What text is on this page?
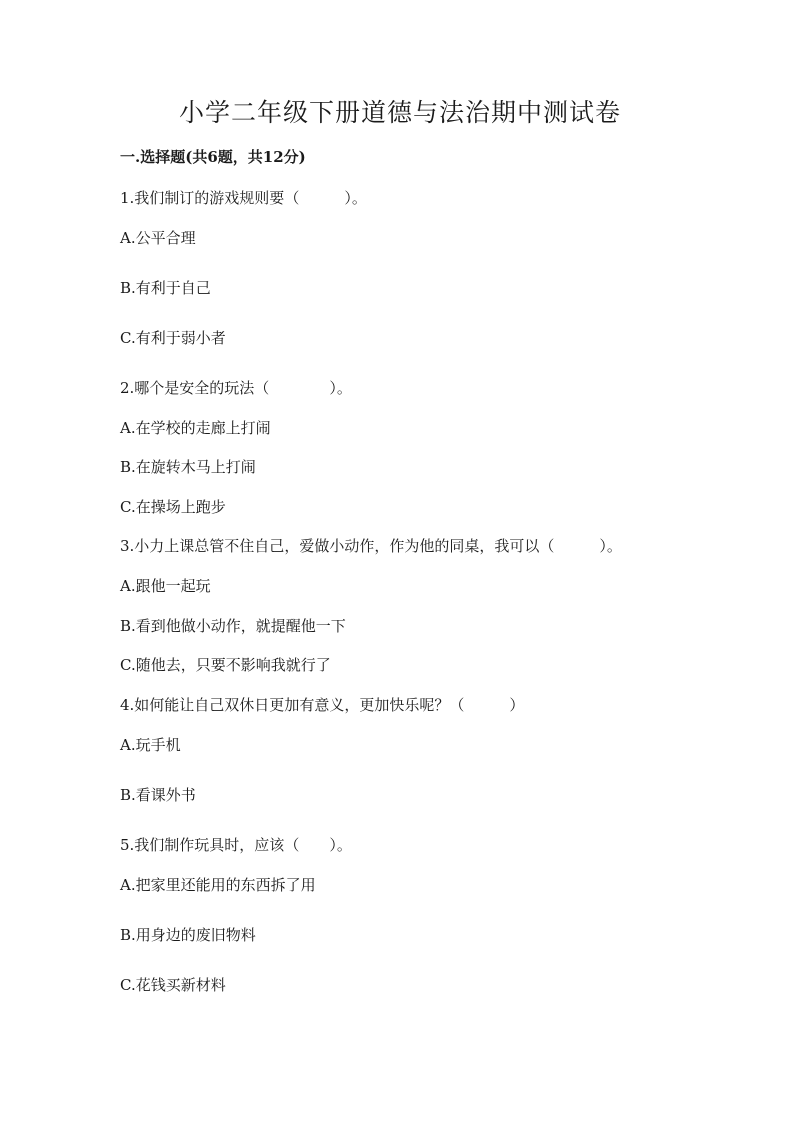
小学二年级下册道德与法治期中测试卷
一.选择题(共6题，共12分)
1.我们制订的游戏规则要（　　　）。
A.公平合理
B.有利于自己
C.有利于弱小者
2.哪个是安全的玩法（　　　　）。
A.在学校的走廊上打闹
B.在旋转木马上打闹
C.在操场上跑步
3.小力上课总管不住自己，爱做小动作，作为他的同桌，我可以（　　　）。
A.跟他一起玩
B.看到他做小动作，就提醒他一下
C.随他去，只要不影响我就行了
4.如何能让自己双休日更加有意义，更加快乐呢？（　　　）
A.玩手机
B.看课外书
5.我们制作玩具时，应该（　　）。
A.把家里还能用的东西拆了用
B.用身边的废旧物料
C.花钱买新材料
